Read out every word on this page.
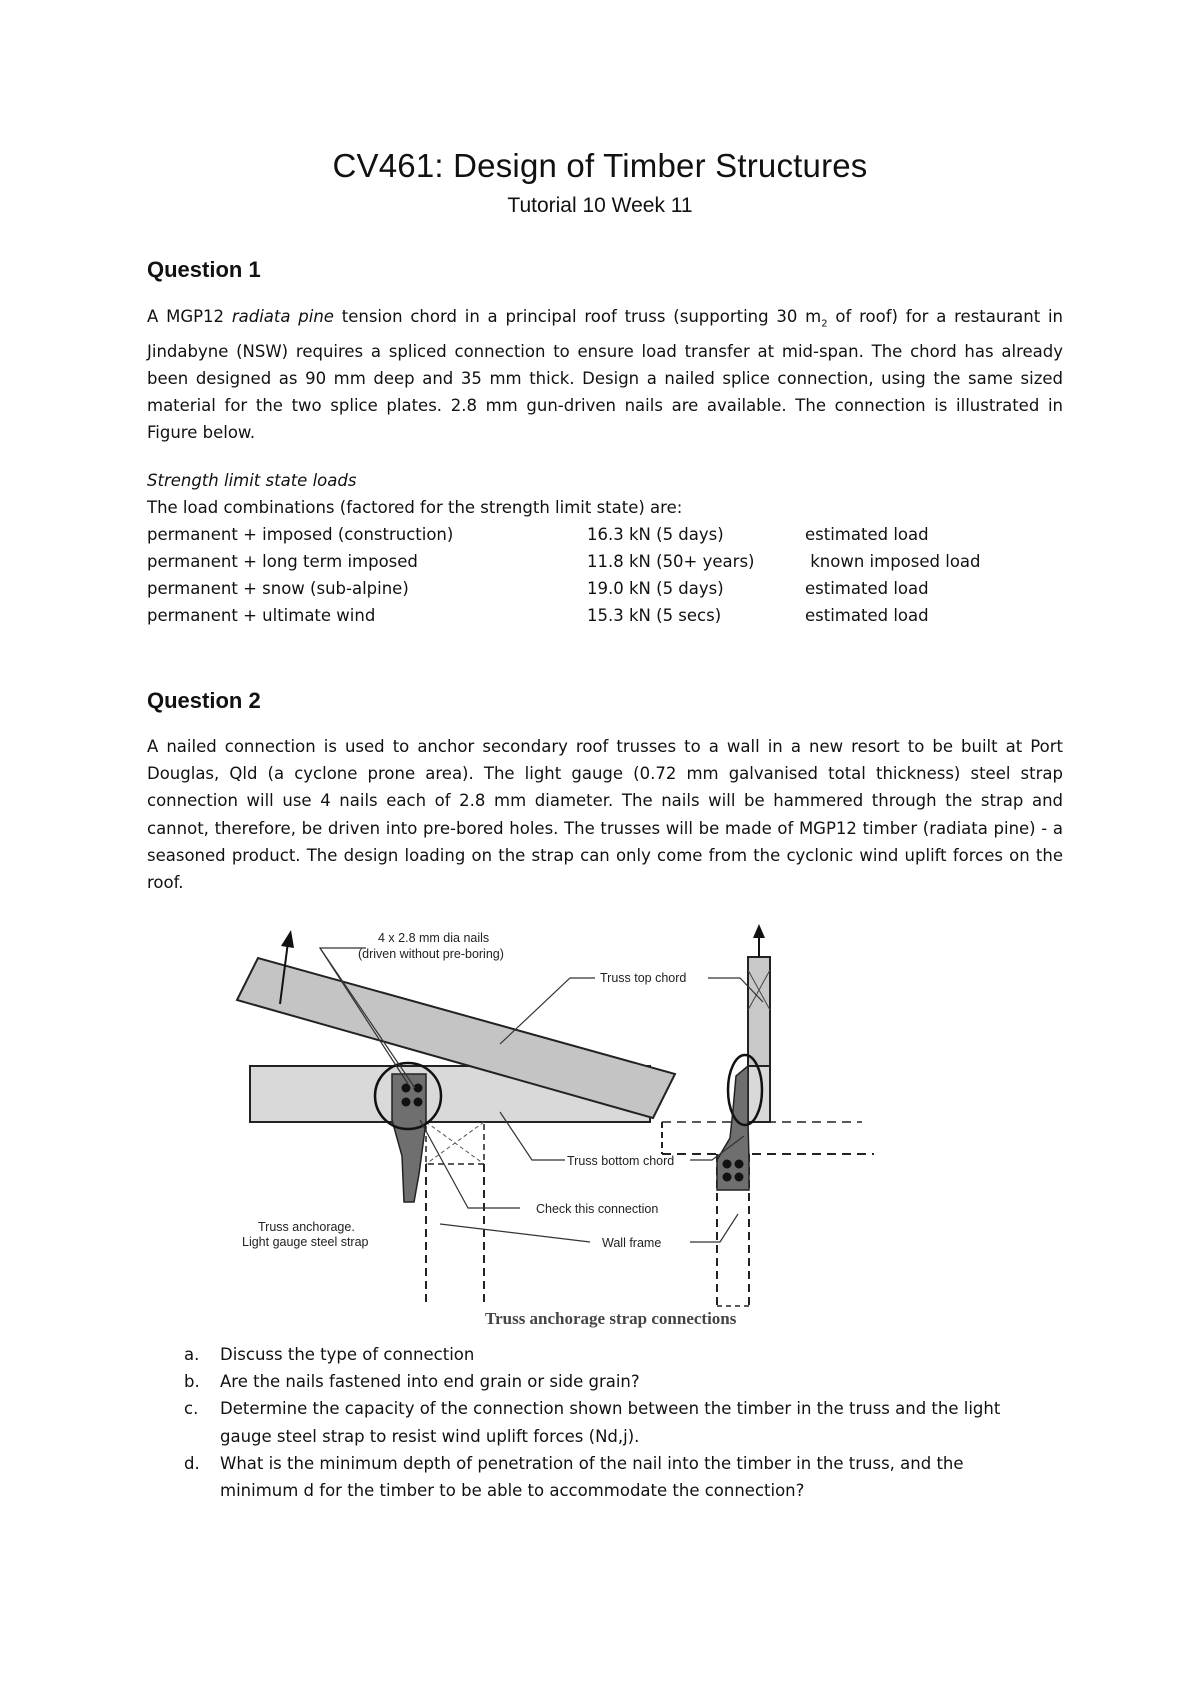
CV461: Design of Timber Structures
Tutorial 10 Week 11
Question 1
A MGP12 radiata pine tension chord in a principal roof truss (supporting 30 $m_2$ of roof) for a restaurant in Jindabyne (NSW) requires a spliced connection to ensure load transfer at mid-span. The chord has already been designed as 90 mm deep and 35 mm thick. Design a nailed splice connection, using the same sized material for the two splice plates. 2.8 mm gun-driven nails are available. The connection is illustrated in Figure below.
Strength limit state loads
The load combinations (factored for the strength limit state) are:
permanent + imposed (construction)	16.3 kN (5 days)	estimated load
permanent + long term imposed	11.8 kN (50+ years)	known imposed load
permanent + snow (sub-alpine)	19.0 kN (5 days)	estimated load
permanent + ultimate wind	15.3 kN (5 secs)	estimated load
Question 2
A nailed connection is used to anchor secondary roof trusses to a wall in a new resort to be built at Port Douglas, Qld (a cyclone prone area). The light gauge (0.72 mm galvanised total thickness) steel strap connection will use 4 nails each of 2.8 mm diameter. The nails will be hammered through the strap and cannot, therefore, be driven into pre-bored holes. The trusses will be made of MGP12 timber (radiata pine) - a seasoned product. The design loading on the strap can only come from the cyclonic wind uplift forces on the roof.
4 x 2.8 mm dia nails
(driven without pre-boring)
Truss top chord
Truss bottom chord
Truss anchorage.
Light gauge steel strap
Check this connection
Wall frame
Truss anchorage strap connections
a. Discuss the type of connection
b. Are the nails fastened into end grain or side grain?
c. Determine the capacity of the connection shown between the timber in the truss and the light gauge steel strap to resist wind uplift forces (Nd,j).
d. What is the minimum depth of penetration of the nail into the timber in the truss, and the minimum d for the timber to be able to accommodate the connection?
